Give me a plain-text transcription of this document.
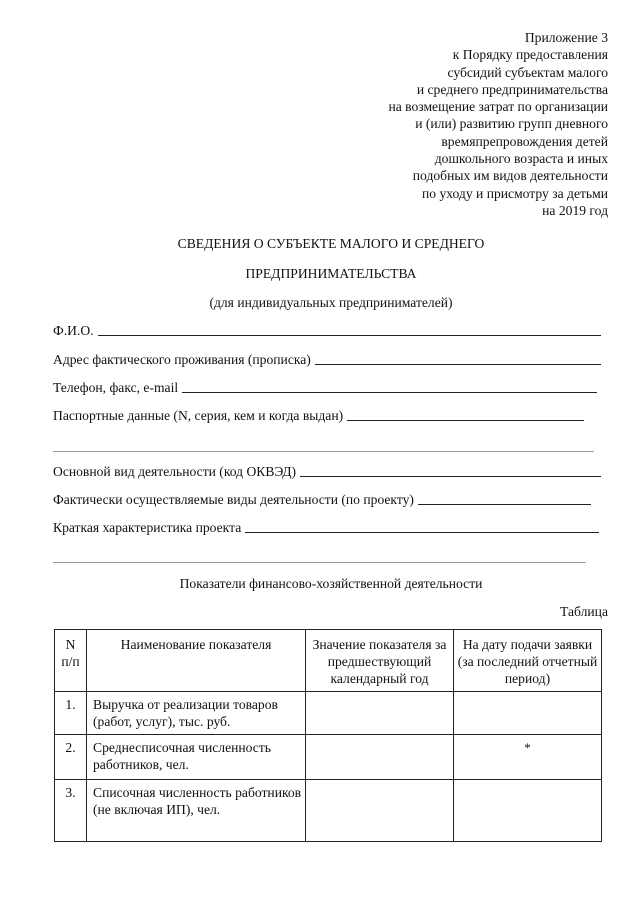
Приложение 3
к Порядку предоставления
субсидий субъектам малого
и среднего предпринимательства
на возмещение затрат по организации
и (или) развитию групп дневного
времяпрепровождения детей
дошкольного возраста и иных
подобных им видов деятельности
по уходу и присмотру за детьми
на 2019 год
СВЕДЕНИЯ О СУБЪЕКТЕ МАЛОГО И СРЕДНЕГО
ПРЕДПРИНИМАТЕЛЬСТВА
(для индивидуальных предпринимателей)
Ф.И.О.
Адрес фактического проживания (прописка)
Телефон, факс, e-mail
Паспортные данные (N, серия, кем и когда выдан)
Основной вид деятельности (код ОКВЭД)
Фактически осуществляемые виды деятельности (по проекту)
Краткая характеристика проекта
Показатели финансово-хозяйственной деятельности
Таблица
N
п/п	Наименование показателя	Значение показателя за предшествующий календарный год	На дату подачи заявки (за последний отчетный период)
1.	Выручка от реализации товаров (работ, услуг), тыс. руб.		
2.	Среднесписочная численность работников, чел.		*
3.	Списочная численность работников (не включая ИП), чел.		
